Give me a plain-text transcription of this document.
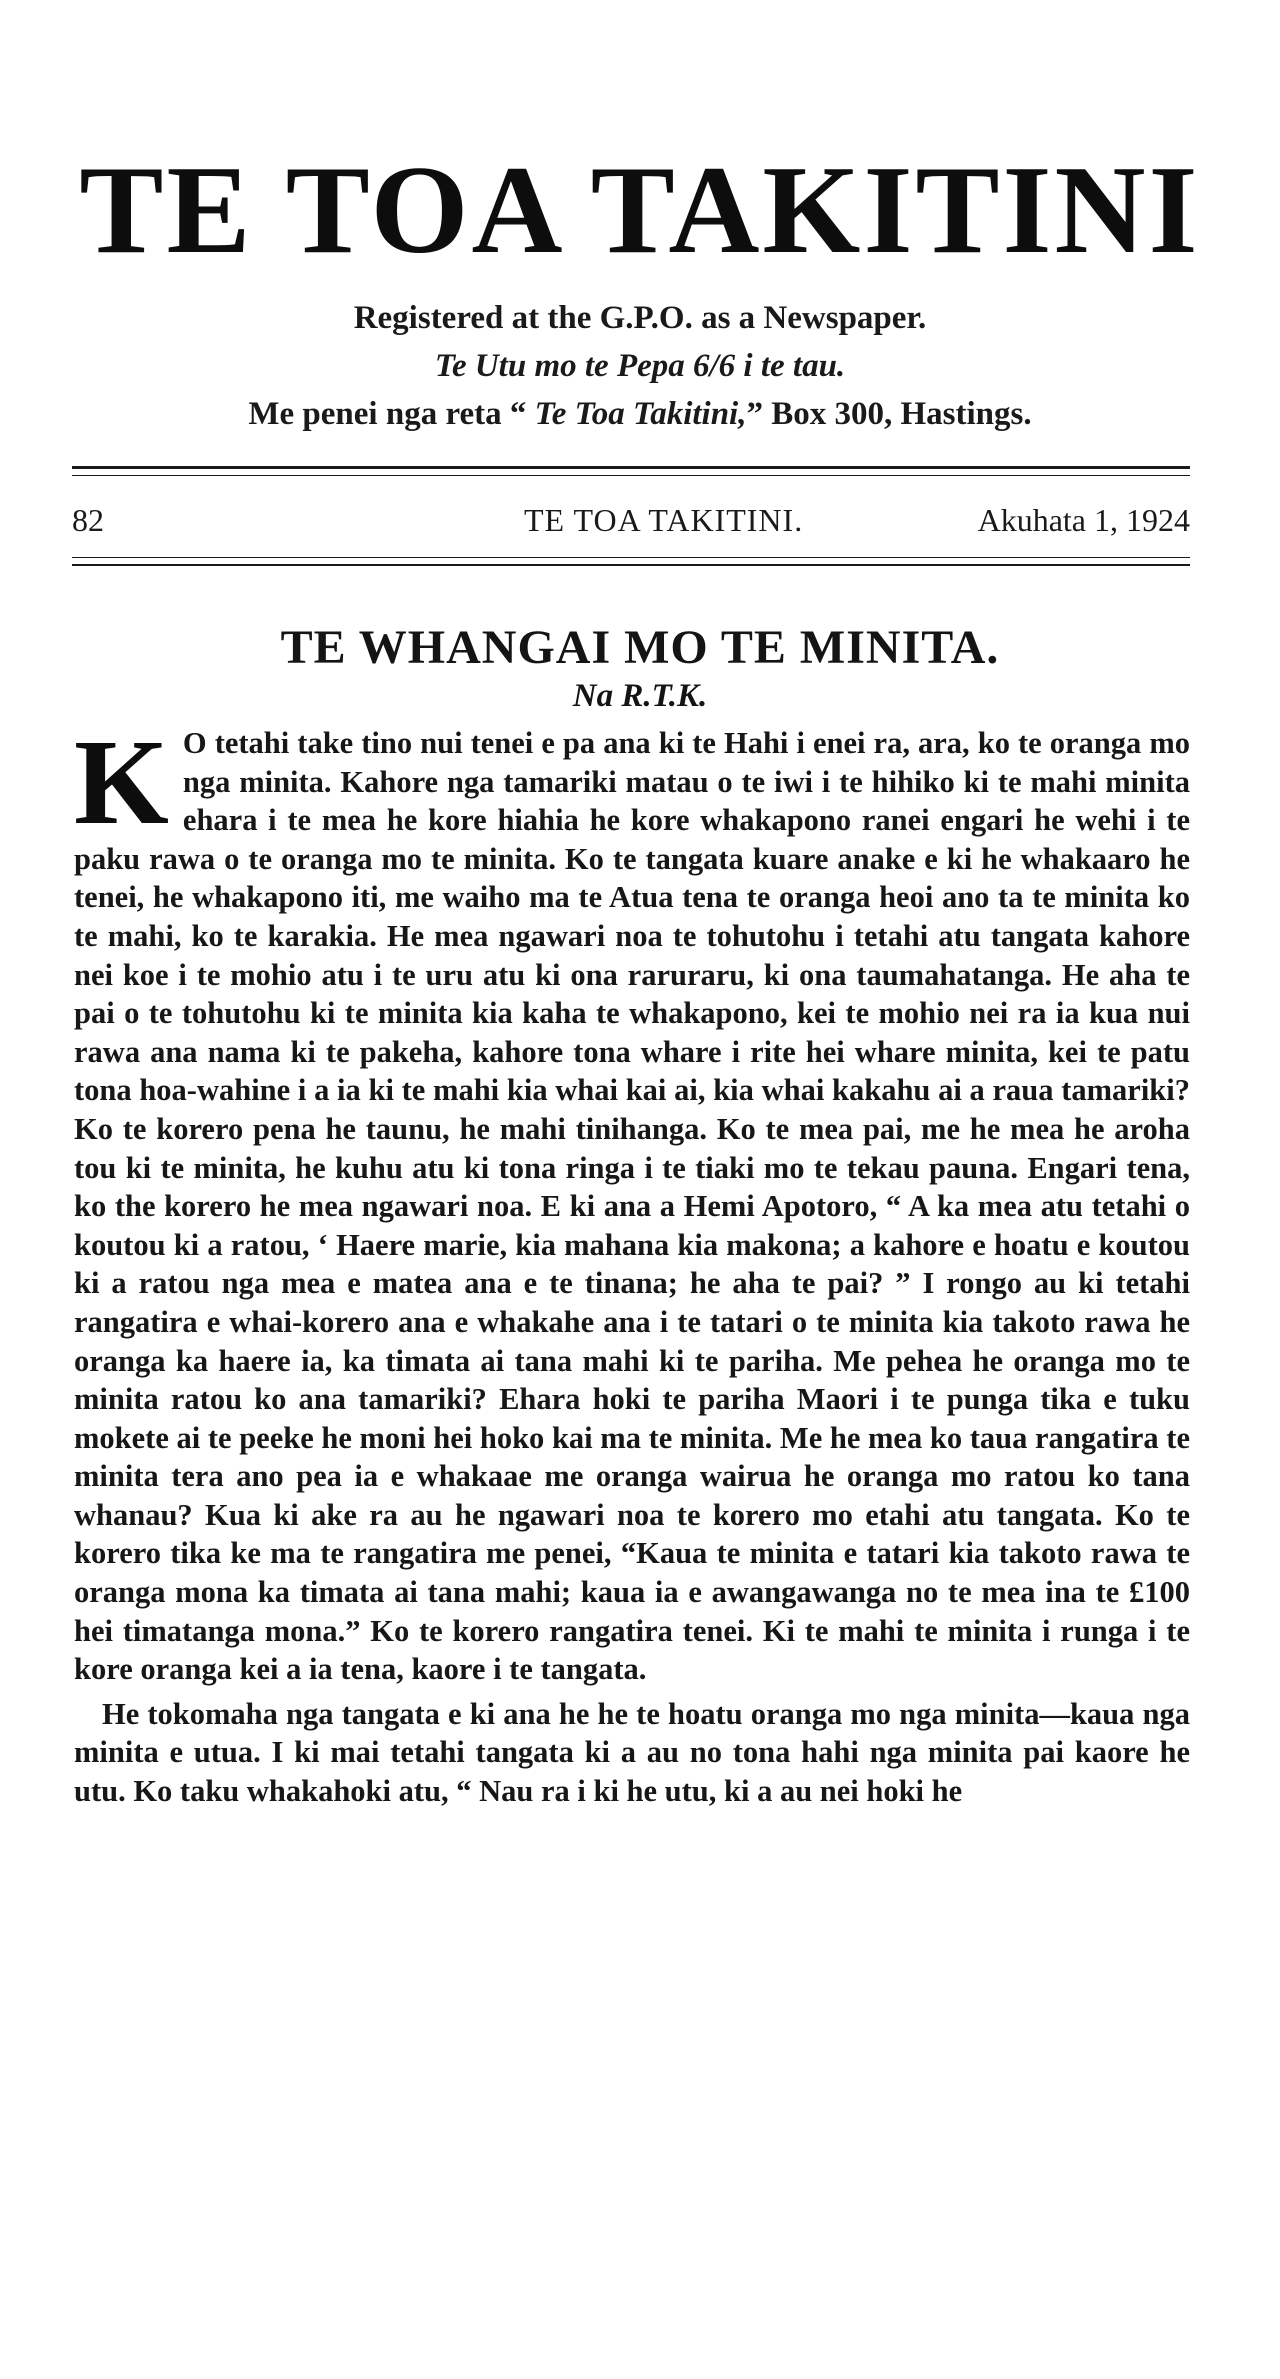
TE TOA TAKITINI
Registered at the G.P.O. as a Newspaper.
Te Utu mo te Pepa 6/6 i te tau.
Me penei nga reta “ Te Toa Takitini,” Box 300, Hastings.
82	TE TOA TAKITINI.	Akuhata 1, 1924
TE WHANGAI MO TE MINITA.
Na R.T.K.

K O tetahi take tino nui tenei e pa ana ki te Hahi i enei ra, ara, ko te oranga mo nga minita. Kahore nga tamariki matau o te iwi i te hihiko ki te mahi minita ehara i te mea he kore hiahia he kore whakapono ranei engari he wehi i te paku rawa o te oranga mo te minita. Ko te tangata kuare anake e ki he whakaaro he tenei, he whakapono iti, me waiho ma te Atua tena te oranga heoi ano ta te minita ko te mahi, ko te karakia. He mea ngawari noa te tohutohu i tetahi atu tangata kahore nei koe i te mohio atu i te uru atu ki ona raruraru, ki ona taumahatanga. He aha te pai o te tohutohu ki te minita kia kaha te whakapono, kei te mohio nei ra ia kua nui rawa ana nama ki te pakeha, kahore tona whare i rite hei whare minita, kei te patu tona hoa-wahine i a ia ki te mahi kia whai kai ai, kia whai kakahu ai a raua tamariki? Ko te korero pena he taunu, he mahi tinihanga. Ko te mea pai, me he mea he aroha tou ki te minita, he kuhu atu ki tona ringa i te tiaki mo te tekau pauna. Engari tena, ko the korero he mea ngawari noa. E ki ana a Hemi Apotoro, “ A ka mea atu tetahi o koutou ki a ratou, ‘ Haere marie, kia mahana kia makona; a kahore e hoatu e koutou ki a ratou nga mea e matea ana e te tinana; he aha te pai? ” I rongo au ki tetahi rangatira e whai-korero ana e whakahe ana i te tatari o te minita kia takoto rawa he oranga ka haere ia, ka timata ai tana mahi ki te pariha. Me pehea he oranga mo te minita ratou ko ana tamariki? Ehara hoki te pariha Maori i te punga tika e tuku mokete ai te peeke he moni hei hoko kai ma te minita. Me he mea ko taua rangatira te minita tera ano pea ia e whakaae me oranga wairua he oranga mo ratou ko tana whanau? Kua ki ake ra au he ngawari noa te korero mo etahi atu tangata. Ko te korero tika ke ma te rangatira me penei, “Kaua te minita e tatari kia takoto rawa te oranga mona ka timata ai tana mahi; kaua ia e awangawanga no te mea ina te £100 hei timatanga mona.” Ko te korero rangatira tenei. Ki te mahi te minita i runga i te kore oranga kei a ia tena, kaore i te tangata.

He tokomaha nga tangata e ki ana he he te hoatu oranga mo nga minita—kaua nga minita e utua. I ki mai tetahi tangata ki a au no tona hahi nga minita pai kaore he utu. Ko taku whakahoki atu, “ Nau ra i ki he utu, ki a au nei hoki he
